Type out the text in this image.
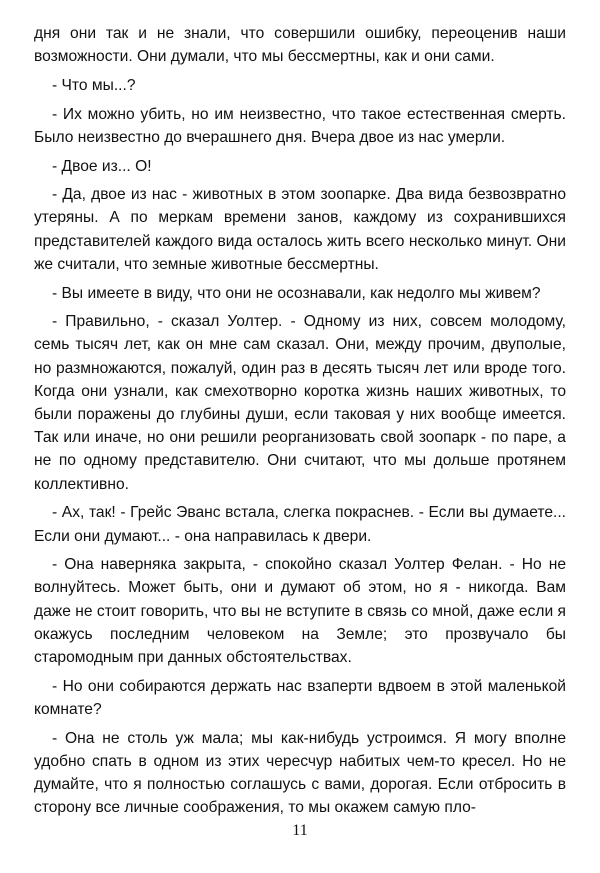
дня они так и не знали, что совершили ошибку, переоценив наши возможности. Они думали, что мы бессмертны, как и они сами.

- Что мы...?

- Их можно убить, но им неизвестно, что такое естественная смерть. Было неизвестно до вчерашнего дня. Вчера двое из нас умерли.

- Двое из... О!

- Да, двое из нас - животных в этом зоопарке. Два вида безвозвратно утеряны. А по меркам времени занов, каждому из сохранившихся представителей каждого вида осталось жить всего несколько минут. Они же считали, что земные животные бессмертны.

- Вы имеете в виду, что они не осознавали, как недолго мы живем?

- Правильно, - сказал Уолтер. - Одному из них, совсем молодому, семь тысяч лет, как он мне сам сказал. Они, между прочим, двуполые, но размножаются, пожалуй, один раз в десять тысяч лет или вроде того. Когда они узнали, как смехотворно коротка жизнь наших животных, то были поражены до глубины души, если таковая у них вообще имеется. Так или иначе, но они решили реорганизовать свой зоопарк - по паре, а не по одному представителю. Они считают, что мы дольше протянем коллективно.

- Ах, так! - Грейс Эванс встала, слегка покраснев. - Если вы думаете... Если они думают... - она направилась к двери.

- Она наверняка закрыта, - спокойно сказал Уолтер Фелан. - Но не волнуйтесь. Может быть, они и думают об этом, но я - никогда. Вам даже не стоит говорить, что вы не вступите в связь со мной, даже если я окажусь последним человеком на Земле; это прозвучало бы старомодным при данных обстоятельствах.

- Но они собираются держать нас взаперти вдвоем в этой маленькой комнате?

- Она не столь уж мала; мы как-нибудь устроимся. Я могу вполне удобно спать в одном из этих чересчур набитых чем-то кресел. Но не думайте, что я полностью соглашусь с вами, дорогая. Если отбросить в сторону все личные соображения, то мы окажем самую пло-

11
